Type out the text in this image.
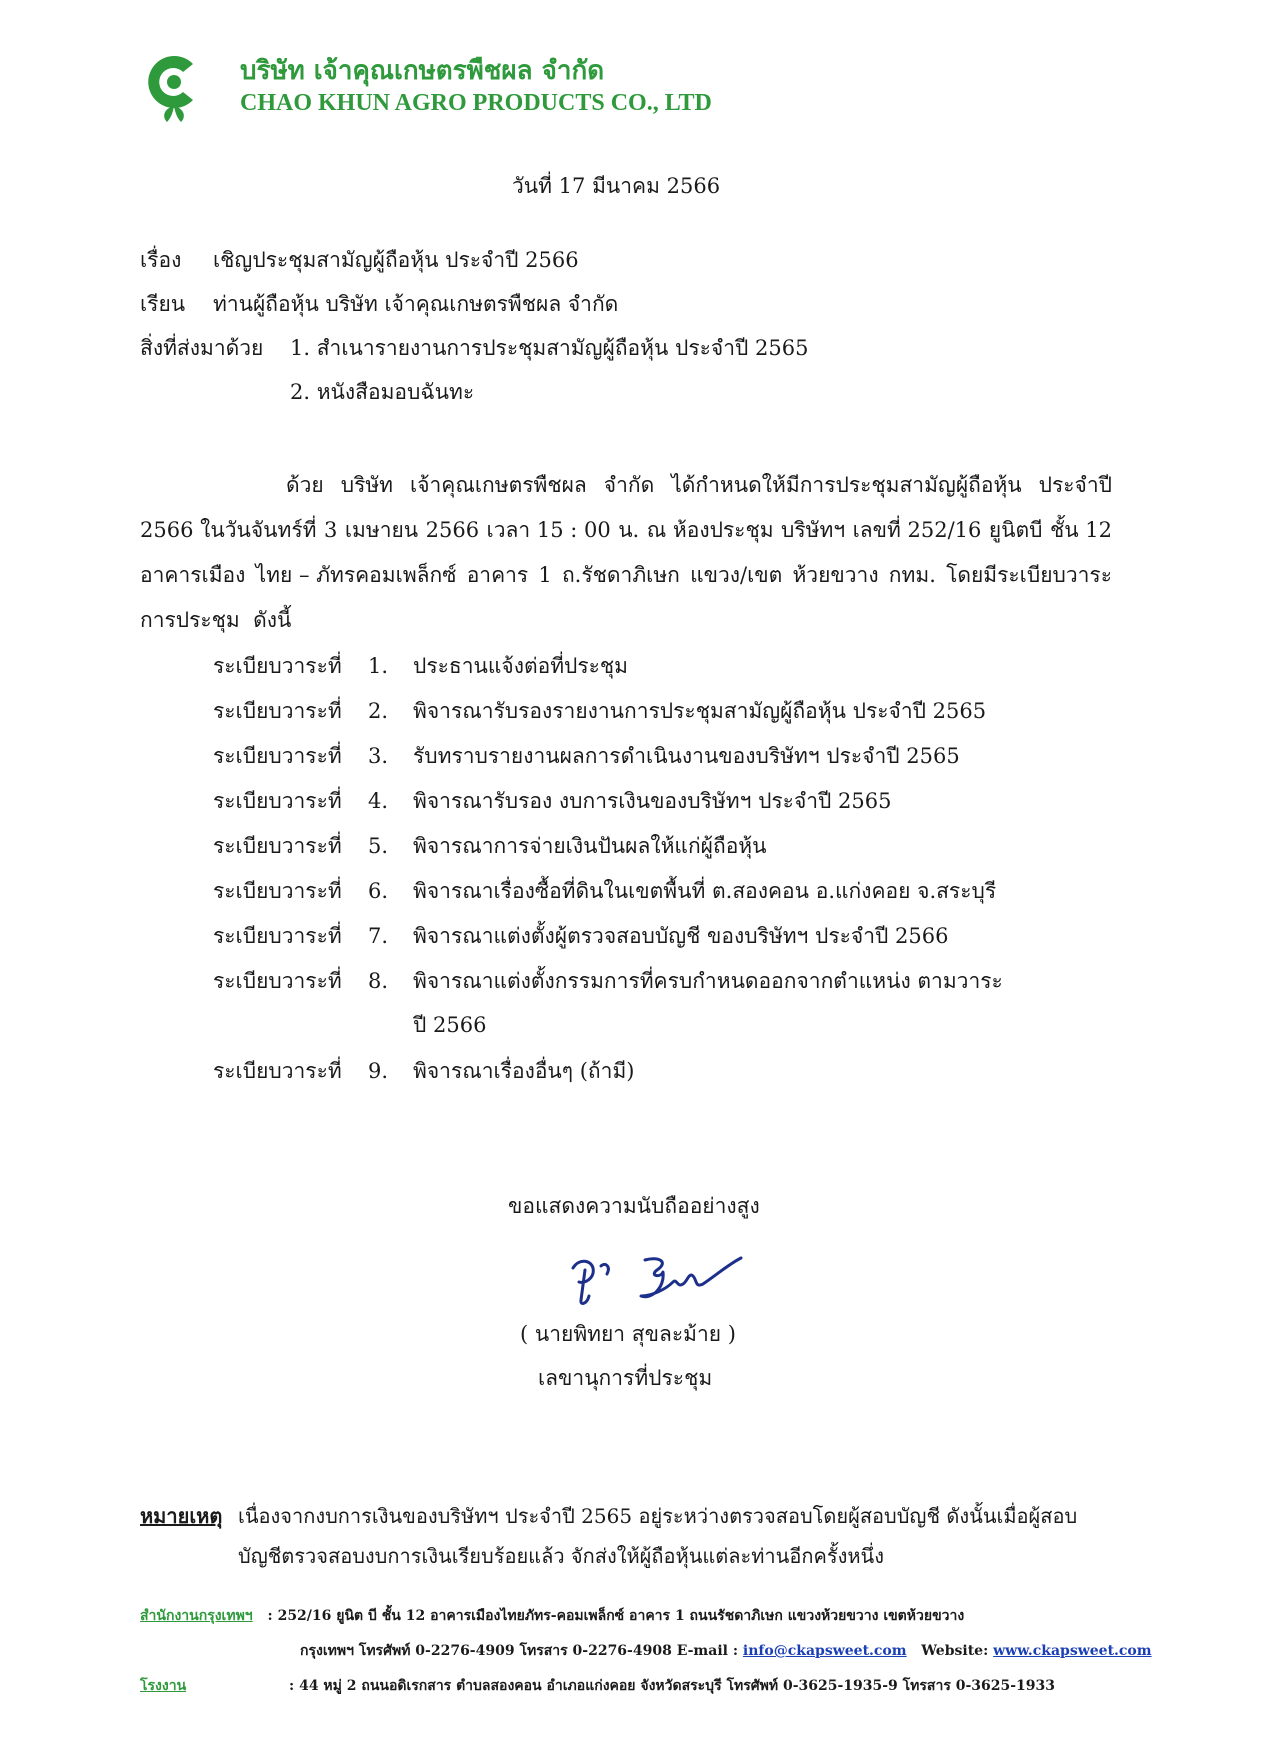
บริษัท เจ้าคุณเกษตรพืชผล จำกัด
CHAO KHUN AGRO PRODUCTS CO., LTD
วันที่ 17 มีนาคม 2566
เรื่อง เชิญประชุมสามัญผู้ถือหุ้น ประจำปี 2566
เรียน ท่านผู้ถือหุ้น บริษัท เจ้าคุณเกษตรพืชผล จำกัด
สิ่งที่ส่งมาด้วย 1. สำเนารายงานการประชุมสามัญผู้ถือหุ้น ประจำปี 2565
2. หนังสือมอบฉันทะ
ด้วย บริษัท เจ้าคุณเกษตรพืชผล จำกัด ได้กำหนดให้มีการประชุมสามัญผู้ถือหุ้น ประจำปี
2566 ในวันจันทร์ที่ 3 เมษายน 2566 เวลา 15 : 00 น. ณ ห้องประชุม บริษัทฯ เลขที่ 252/16 ยูนิตบี ชั้น 12
อาคารเมือง ไทย – ภัทรคอมเพล็กซ์ อาคาร 1 ถ.รัชดาภิเษก แขวง/เขต ห้วยขวาง กทม. โดยมีระเบียบวาระ
การประชุม
ดังนี้
ระเบียบวาระที่ 1. ประธานแจ้งต่อที่ประชุม
ระเบียบวาระที่ 2. พิจารณารับรองรายงานการประชุมสามัญผู้ถือหุ้น ประจำปี 2565
ระเบียบวาระที่ 3. รับทราบรายงานผลการดำเนินงานของบริษัทฯ ประจำปี 2565
ระเบียบวาระที่ 4. พิจารณารับรอง งบการเงินของบริษัทฯ ประจำปี 2565
ระเบียบวาระที่ 5. พิจารณาการจ่ายเงินปันผลให้แก่ผู้ถือหุ้น
ระเบียบวาระที่ 6. พิจารณาเรื่องซื้อที่ดินในเขตพื้นที่ ต.สองคอน อ.แก่งคอย จ.สระบุรี
ระเบียบวาระที่ 7. พิจารณาแต่งตั้งผู้ตรวจสอบบัญชี ของบริษัทฯ ประจำปี 2566
ระเบียบวาระที่ 8. พิจารณาแต่งตั้งกรรมการที่ครบกำหนดออกจากตำแหน่ง ตามวาระ
ปี 2566
ระเบียบวาระที่ 9. พิจารณาเรื่องอื่นๆ (ถ้ามี)
ขอแสดงความนับถืออย่างสูง
( นายพิทยา สุขละม้าย )
เลขานุการที่ประชุม
หมายเหตุ เนื่องจากงบการเงินของบริษัทฯ ประจำปี 2565 อยู่ระหว่างตรวจสอบโดยผู้สอบบัญชี ดังนั้นเมื่อผู้สอบ
บัญชีตรวจสอบงบการเงินเรียบร้อยแล้ว จักส่งให้ผู้ถือหุ้นแต่ละท่านอีกครั้งหนึ่ง
สำนักงานกรุงเทพฯ : 252/16 ยูนิต บี ชั้น 12 อาคารเมืองไทยภัทร-คอมเพล็กซ์ อาคาร 1 ถนนรัชดาภิเษก แขวงห้วยขวาง เขตห้วยขวาง
กรุงเทพฯ โทรศัพท์ 0-2276-4909 โทรสาร 0-2276-4908 E-mail : info@ckapsweet.com   Website: www.ckapsweet.com
โรงงาน	: 44 หมู่ 2 ถนนอดิเรกสาร ตำบลสองคอน อำเภอแก่งคอย จังหวัดสระบุรี โทรศัพท์ 0-3625-1935-9 โทรสาร 0-3625-1933
